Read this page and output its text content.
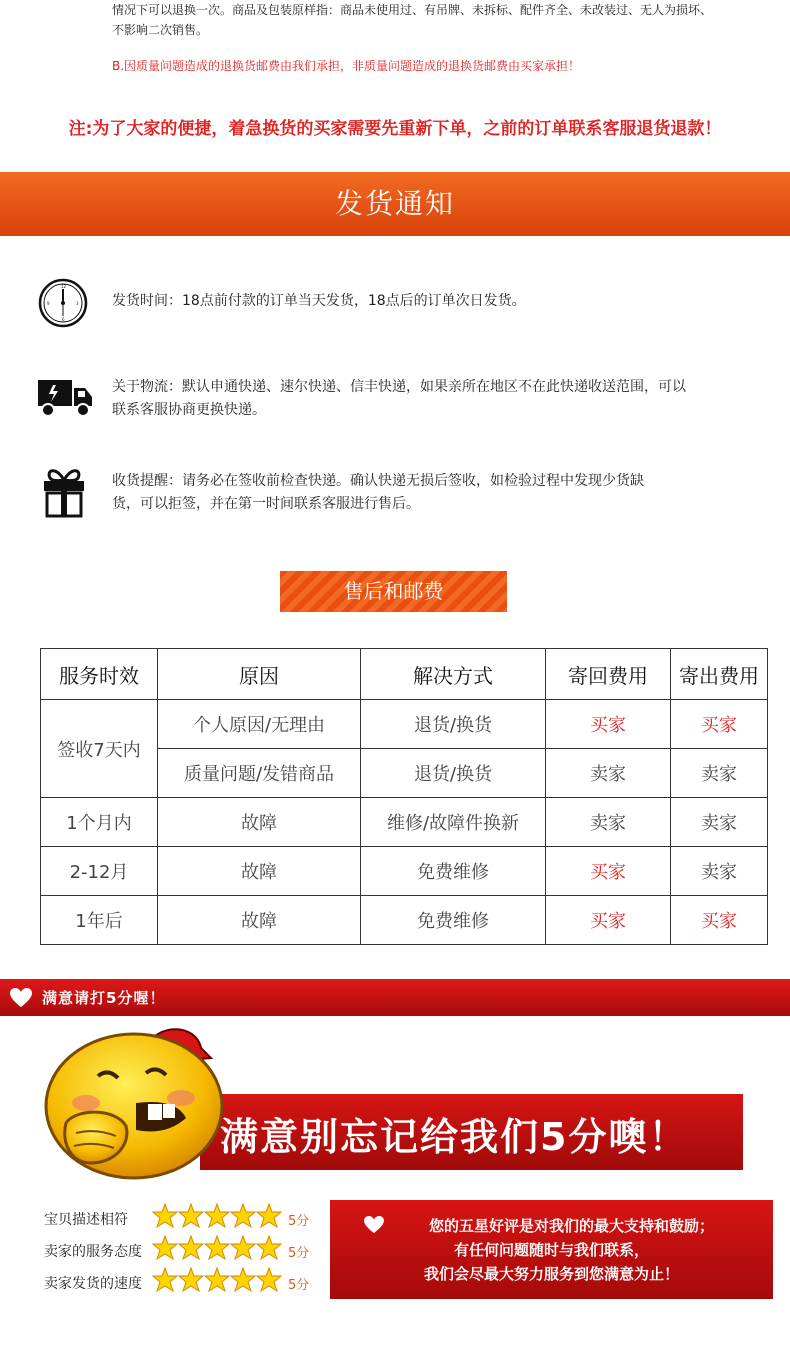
情况下可以退换一次。商品及包装原样指：商品未使用过、有吊牌、未拆标、配件齐全、未改装过、无人为损坏、
不影响二次销售。
B.因质量问题造成的退换货邮费由我们承担，非质量问题造成的退换货邮费由买家承担！
注:为了大家的便捷，着急换货的买家需要先重新下单，之前的订单联系客服退货退款！
发货通知
12
3
6
9	发货时间：18点前付款的订单当天发货，18点后的订单次日发货。
关于物流：默认申通快递、速尔快递、信丰快递，如果亲所在地区不在此快递收送范围，可以
联系客服协商更换快递。
收货提醒：请务必在签收前检查快递。确认快递无损后签收，如检验过程中发现少货缺
货，可以拒签，并在第一时间联系客服进行售后。
售后和邮费
服务时效	原因	解决方式	寄回费用	寄出费用
签收7天内	个人原因/无理由	退货/换货	买家	买家
	质量问题/发错商品	退货/换货	卖家	卖家
1个月内	故障	维修/故障件换新	卖家	卖家
2-12月	故障	免费维修	买家	卖家
1年后	故障	免费维修	买家	买家
满意请打5分喔！
满意别忘记给我们5分噢！
宝贝描述相符
卖家的服务态度
卖家发货的速度
5分
5分
5分
您的五星好评是对我们的最大支持和鼓励；
有任何问题随时与我们联系，
我们会尽最大努力服务到您满意为止！
